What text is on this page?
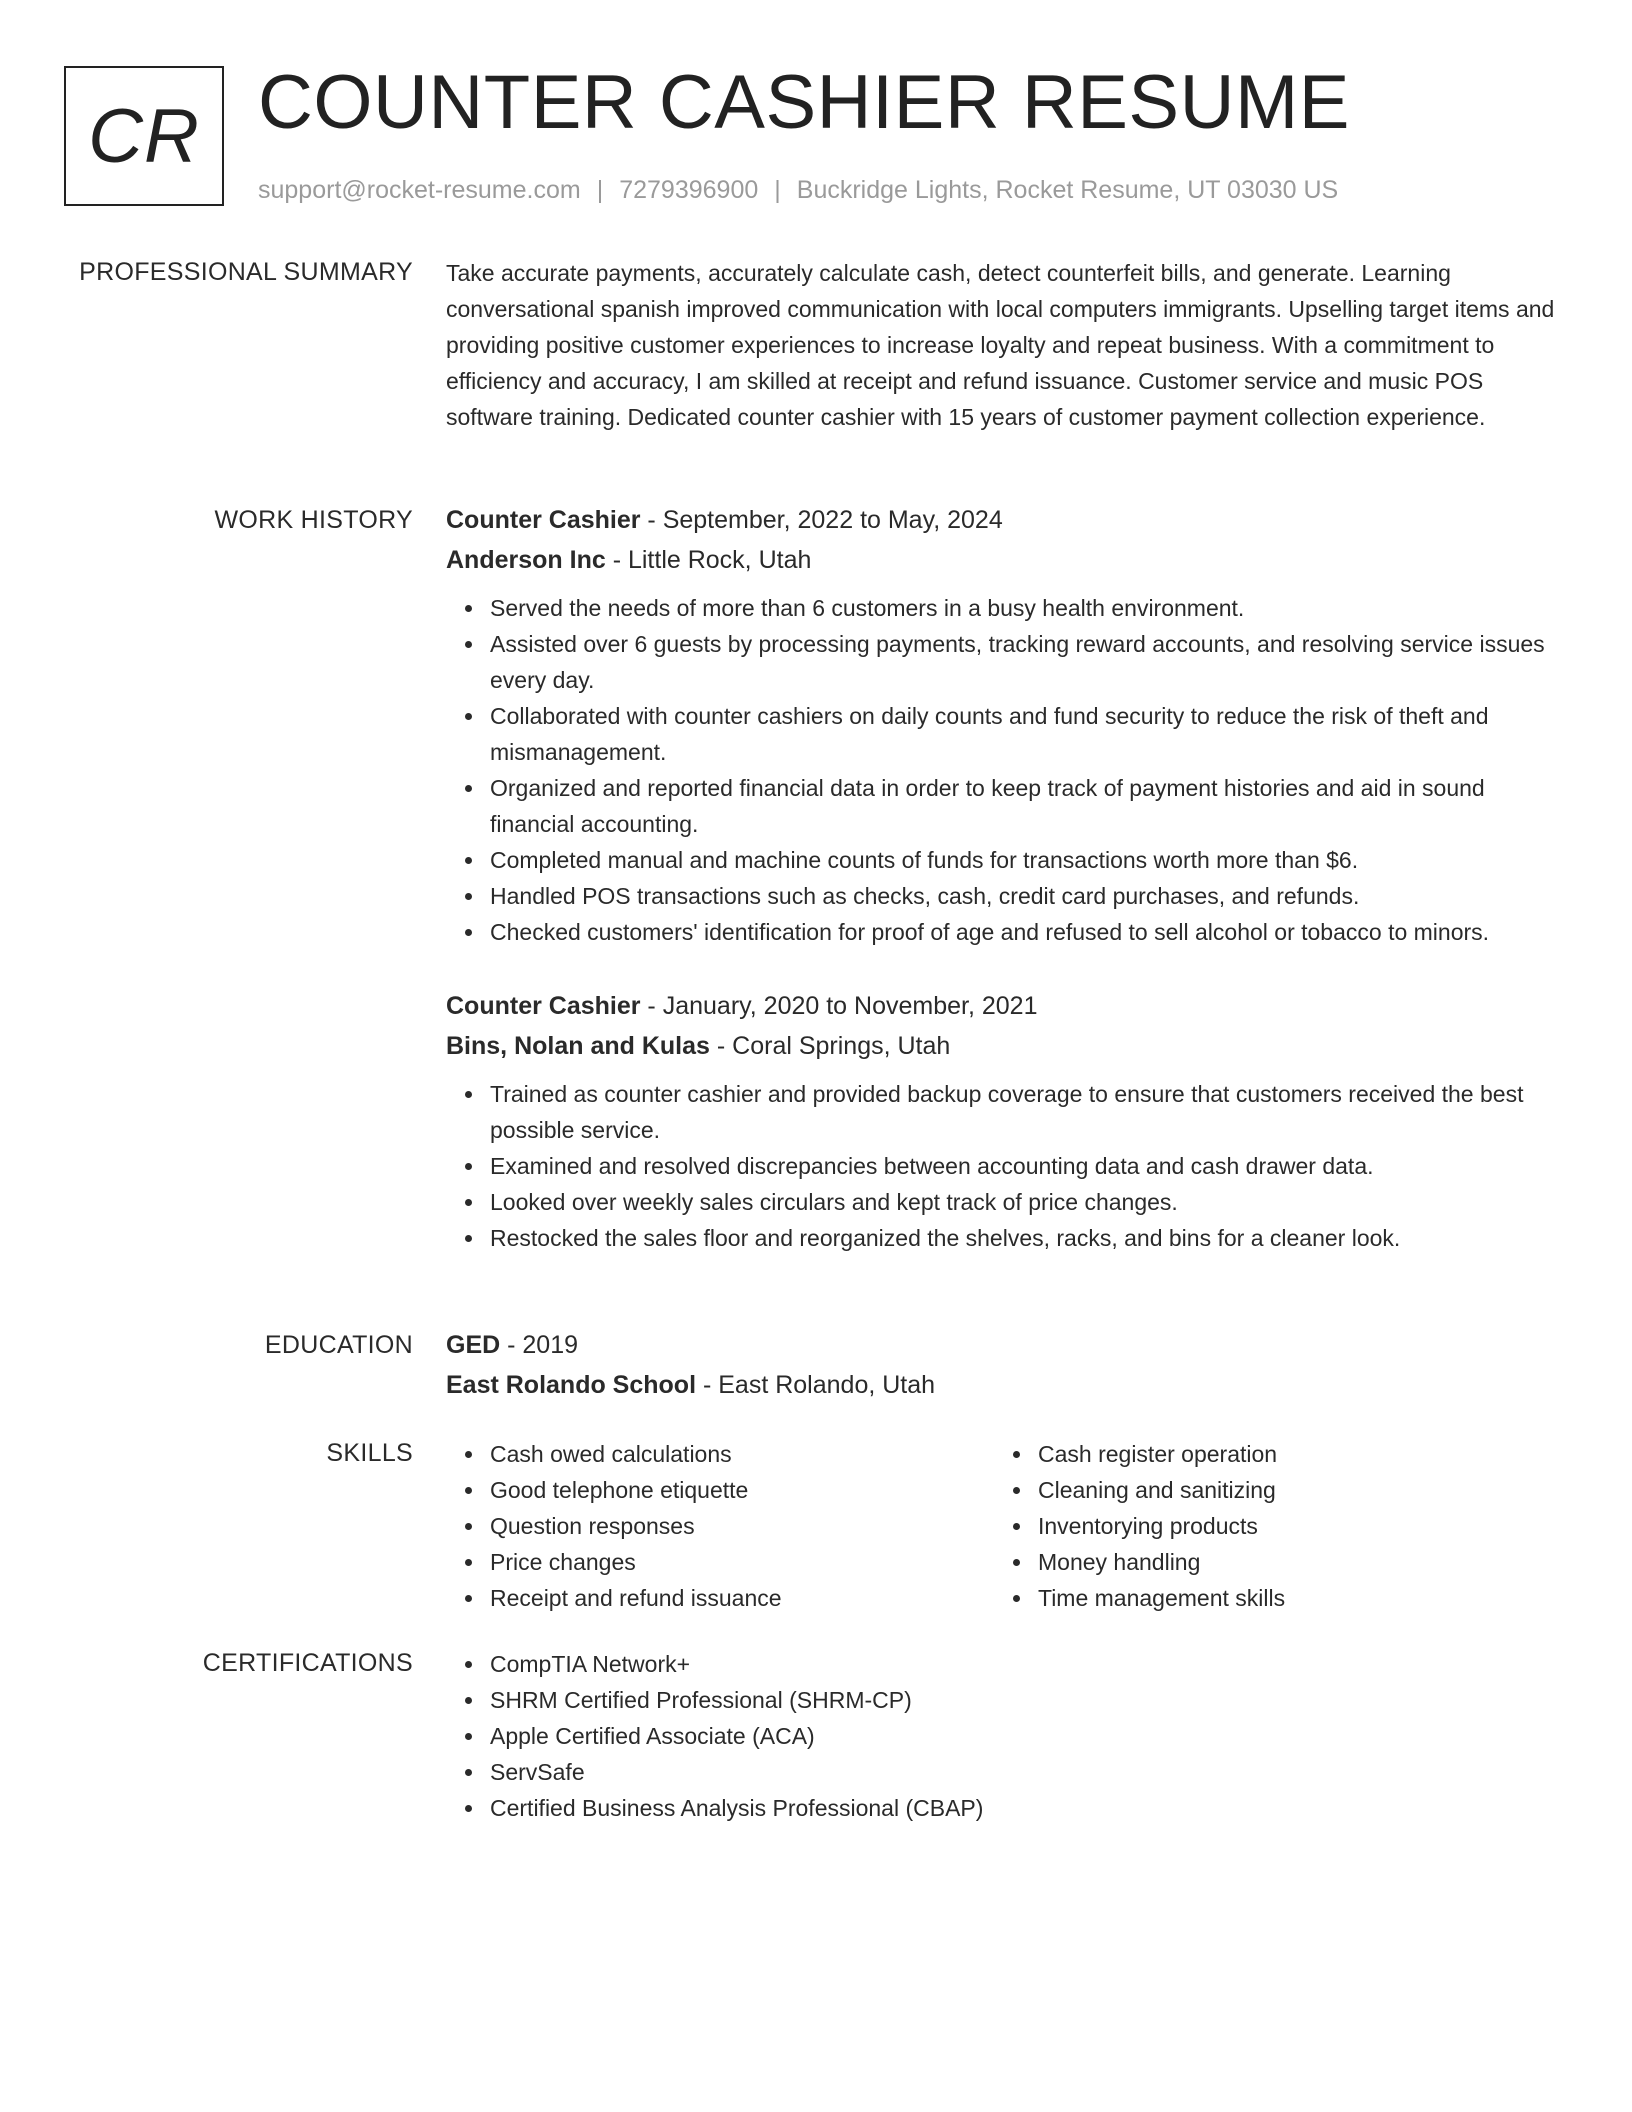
CR COUNTER CASHIER RESUME
support@rocket-resume.com | 7279396900 | Buckridge Lights, Rocket Resume, UT 03030 US
PROFESSIONAL SUMMARY Take accurate payments, accurately calculate cash, detect counterfeit bills, and generate. Learning conversational spanish improved communication with local computers immigrants. Upselling target items and providing positive customer experiences to increase loyalty and repeat business. With a commitment to efficiency and accuracy, I am skilled at receipt and refund issuance. Customer service and music POS software training. Dedicated counter cashier with 15 years of customer payment collection experience.

WORK HISTORY Counter Cashier - September, 2022 to May, 2024
Anderson Inc - Little Rock, Utah
Served the needs of more than 6 customers in a busy health environment.
Assisted over 6 guests by processing payments, tracking reward accounts, and resolving service issues every day.
Collaborated with counter cashiers on daily counts and fund security to reduce the risk of theft and mismanagement.
Organized and reported financial data in order to keep track of payment histories and aid in sound financial accounting.
Completed manual and machine counts of funds for transactions worth more than $6.
Handled POS transactions such as checks, cash, credit card purchases, and refunds.
Checked customers' identification for proof of age and refused to sell alcohol or tobacco to minors.
Counter Cashier - January, 2020 to November, 2021
Bins, Nolan and Kulas - Coral Springs, Utah
Trained as counter cashier and provided backup coverage to ensure that customers received the best possible service.
Examined and resolved discrepancies between accounting data and cash drawer data.
Looked over weekly sales circulars and kept track of price changes.
Restocked the sales floor and reorganized the shelves, racks, and bins for a cleaner look.
EDUCATION GED - 2019
East Rolando School - East Rolando, Utah
SKILLS	Cash owed calculations
Good telephone etiquette
Question responses
Price changes
Receipt and refund issuance
Cash register operation
Cleaning and sanitizing
Inventorying products
Money handling
Time management skills
CERTIFICATIONS	CompTIA Network+
SHRM Certified Professional (SHRM-CP)
Apple Certified Associate (ACA)
ServSafe
Certified Business Analysis Professional (CBAP)
